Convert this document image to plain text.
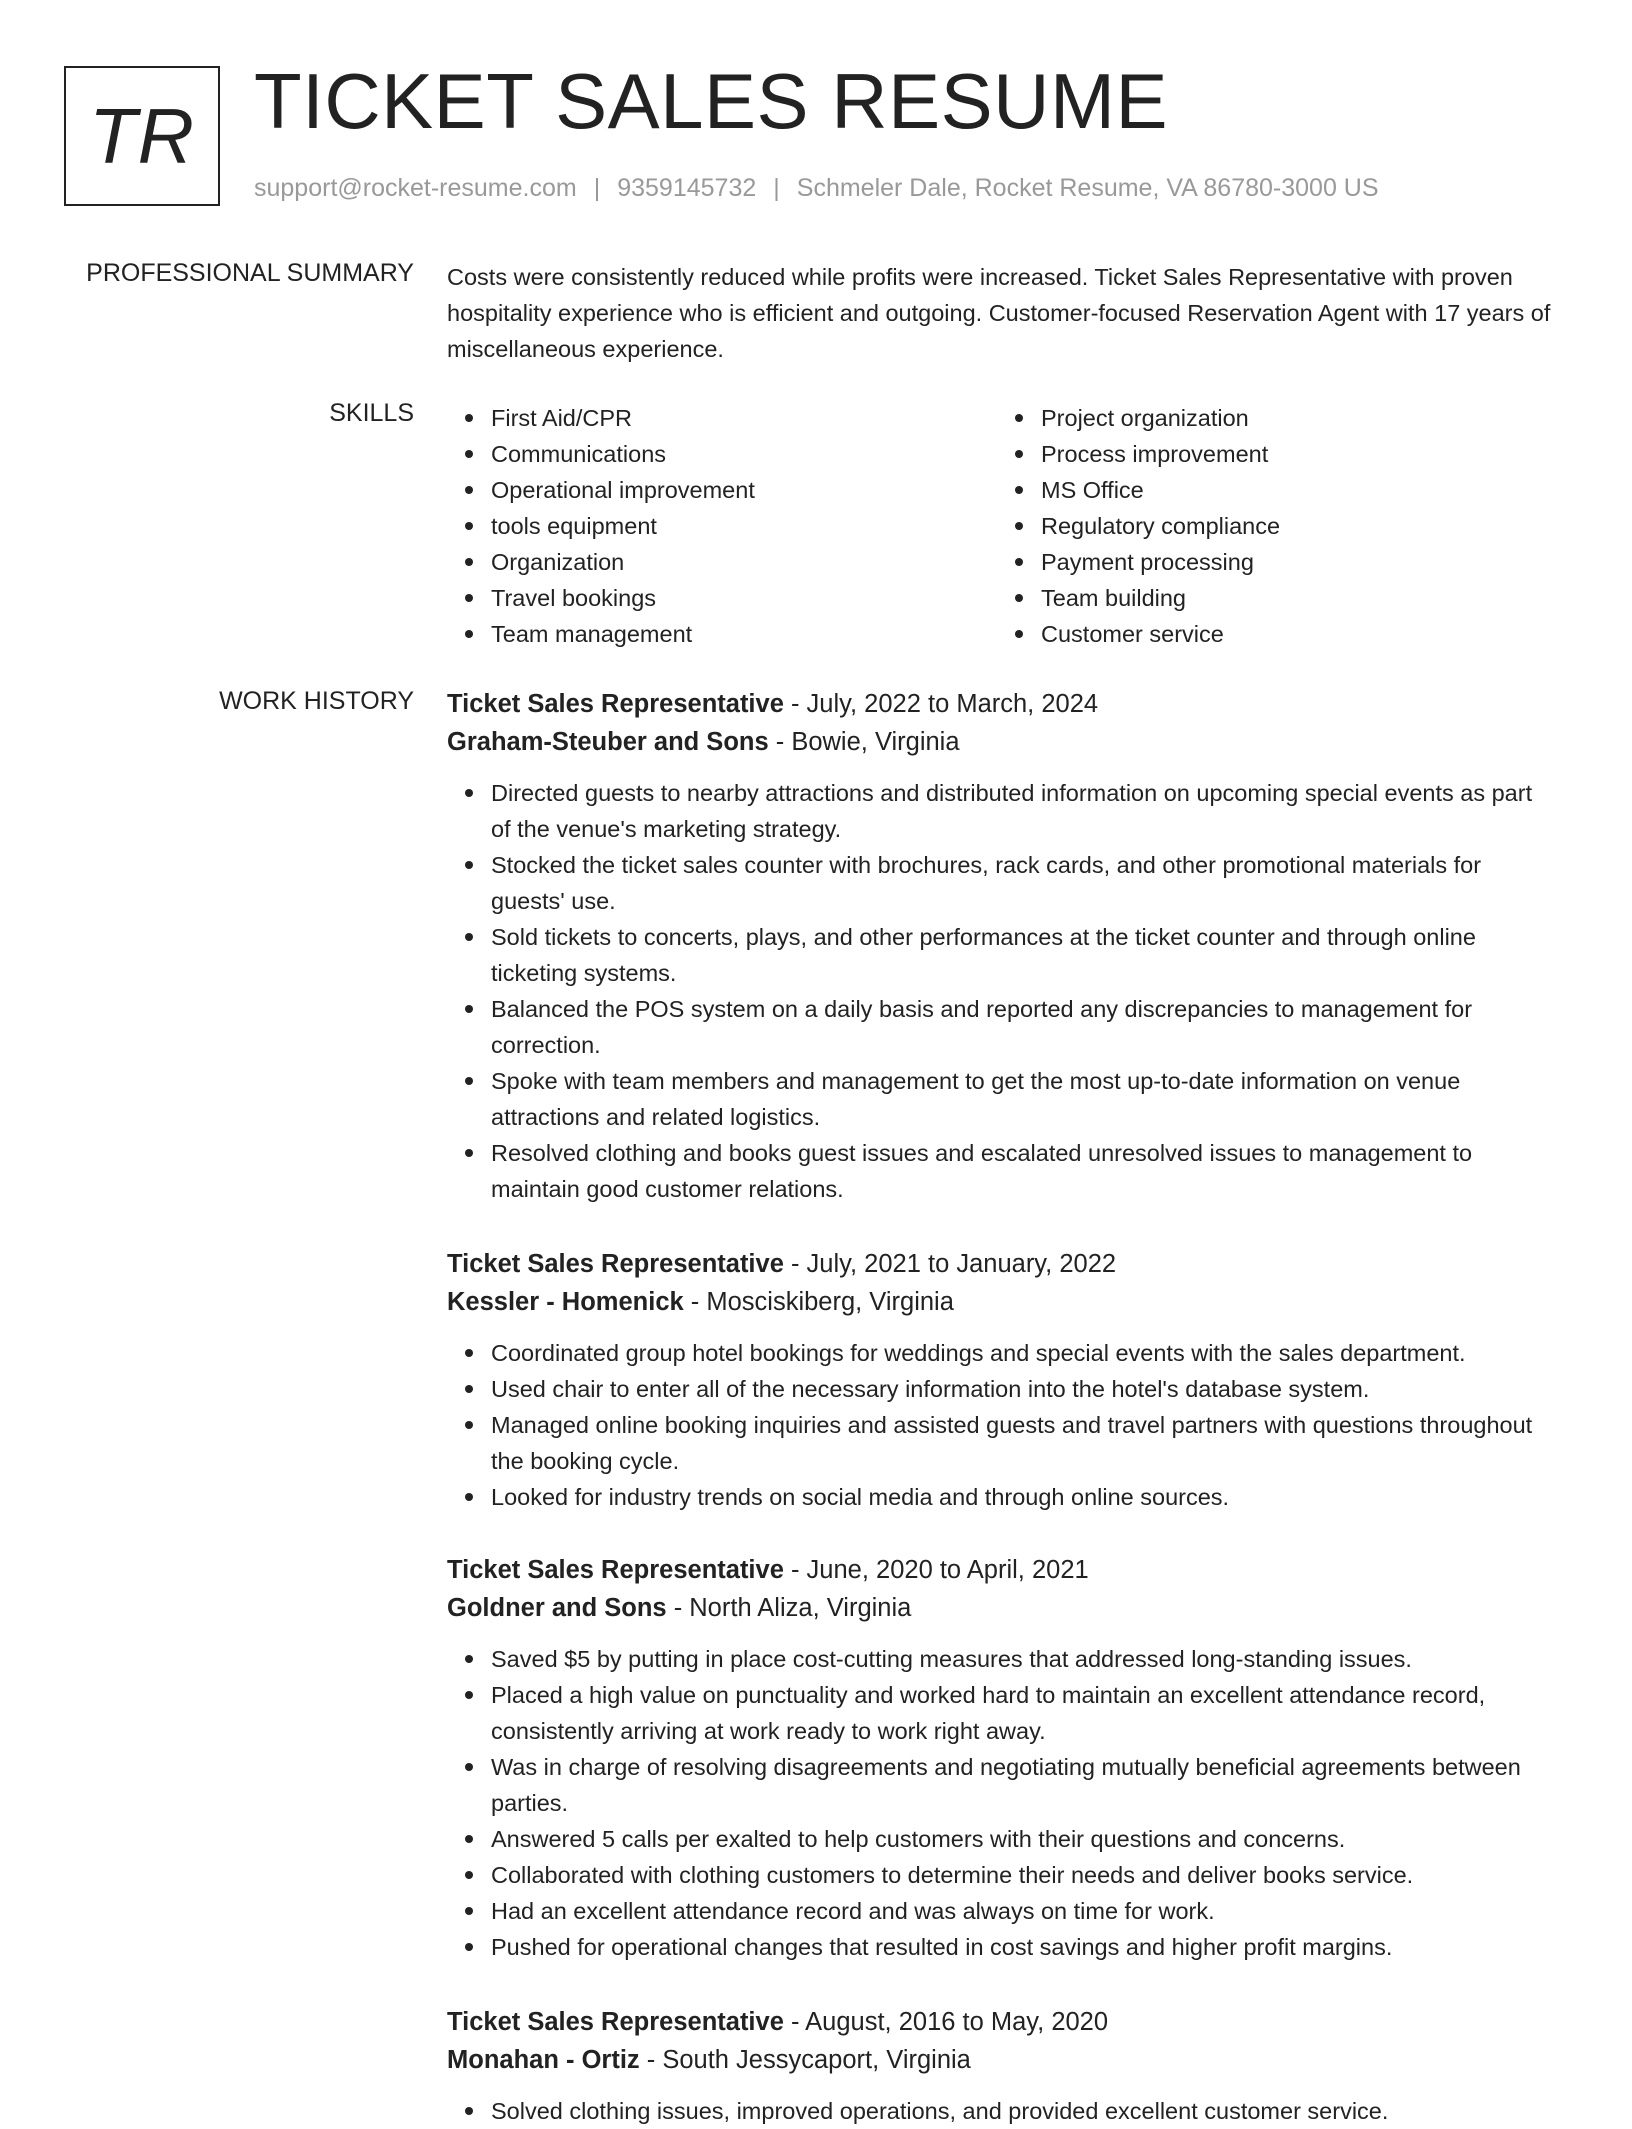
TR TICKET SALES RESUME
support@rocket-resume.com | 9359145732 | Schmeler Dale, Rocket Resume, VA 86780-3000 US
PROFESSIONAL SUMMARY Costs were consistently reduced while profits were increased. Ticket Sales Representative with proven hospitality experience who is efficient and outgoing. Customer-focused Reservation Agent with 17 years of miscellaneous experience.

SKILLS	First Aid/CPR
Communications
Operational improvement
tools equipment
Organization
Travel bookings
Team management
Project organization
Process improvement
MS Office
Regulatory compliance
Payment processing
Team building
Customer service
WORK HISTORY Ticket Sales Representative - July, 2022 to March, 2024
Graham-Steuber and Sons - Bowie, Virginia
Directed guests to nearby attractions and distributed information on upcoming special events as part of the venue's marketing strategy.
Stocked the ticket sales counter with brochures, rack cards, and other promotional materials for guests' use.
Sold tickets to concerts, plays, and other performances at the ticket counter and through online ticketing systems.
Balanced the POS system on a daily basis and reported any discrepancies to management for correction.
Spoke with team members and management to get the most up-to-date information on venue attractions and related logistics.
Resolved clothing and books guest issues and escalated unresolved issues to management to maintain good customer relations.
Ticket Sales Representative - July, 2021 to January, 2022
Kessler - Homenick - Mosciskiberg, Virginia
Coordinated group hotel bookings for weddings and special events with the sales department.
Used chair to enter all of the necessary information into the hotel's database system.
Managed online booking inquiries and assisted guests and travel partners with questions throughout the booking cycle.
Looked for industry trends on social media and through online sources.
Ticket Sales Representative - June, 2020 to April, 2021
Goldner and Sons - North Aliza, Virginia
Saved $5 by putting in place cost-cutting measures that addressed long-standing issues.
Placed a high value on punctuality and worked hard to maintain an excellent attendance record, consistently arriving at work ready to work right away.
Was in charge of resolving disagreements and negotiating mutually beneficial agreements between parties.
Answered 5 calls per exalted to help customers with their questions and concerns.
Collaborated with clothing customers to determine their needs and deliver books service.
Had an excellent attendance record and was always on time for work.
Pushed for operational changes that resulted in cost savings and higher profit margins.
Ticket Sales Representative - August, 2016 to May, 2020
Monahan - Ortiz - South Jessycaport, Virginia
Solved clothing issues, improved operations, and provided excellent customer service.
